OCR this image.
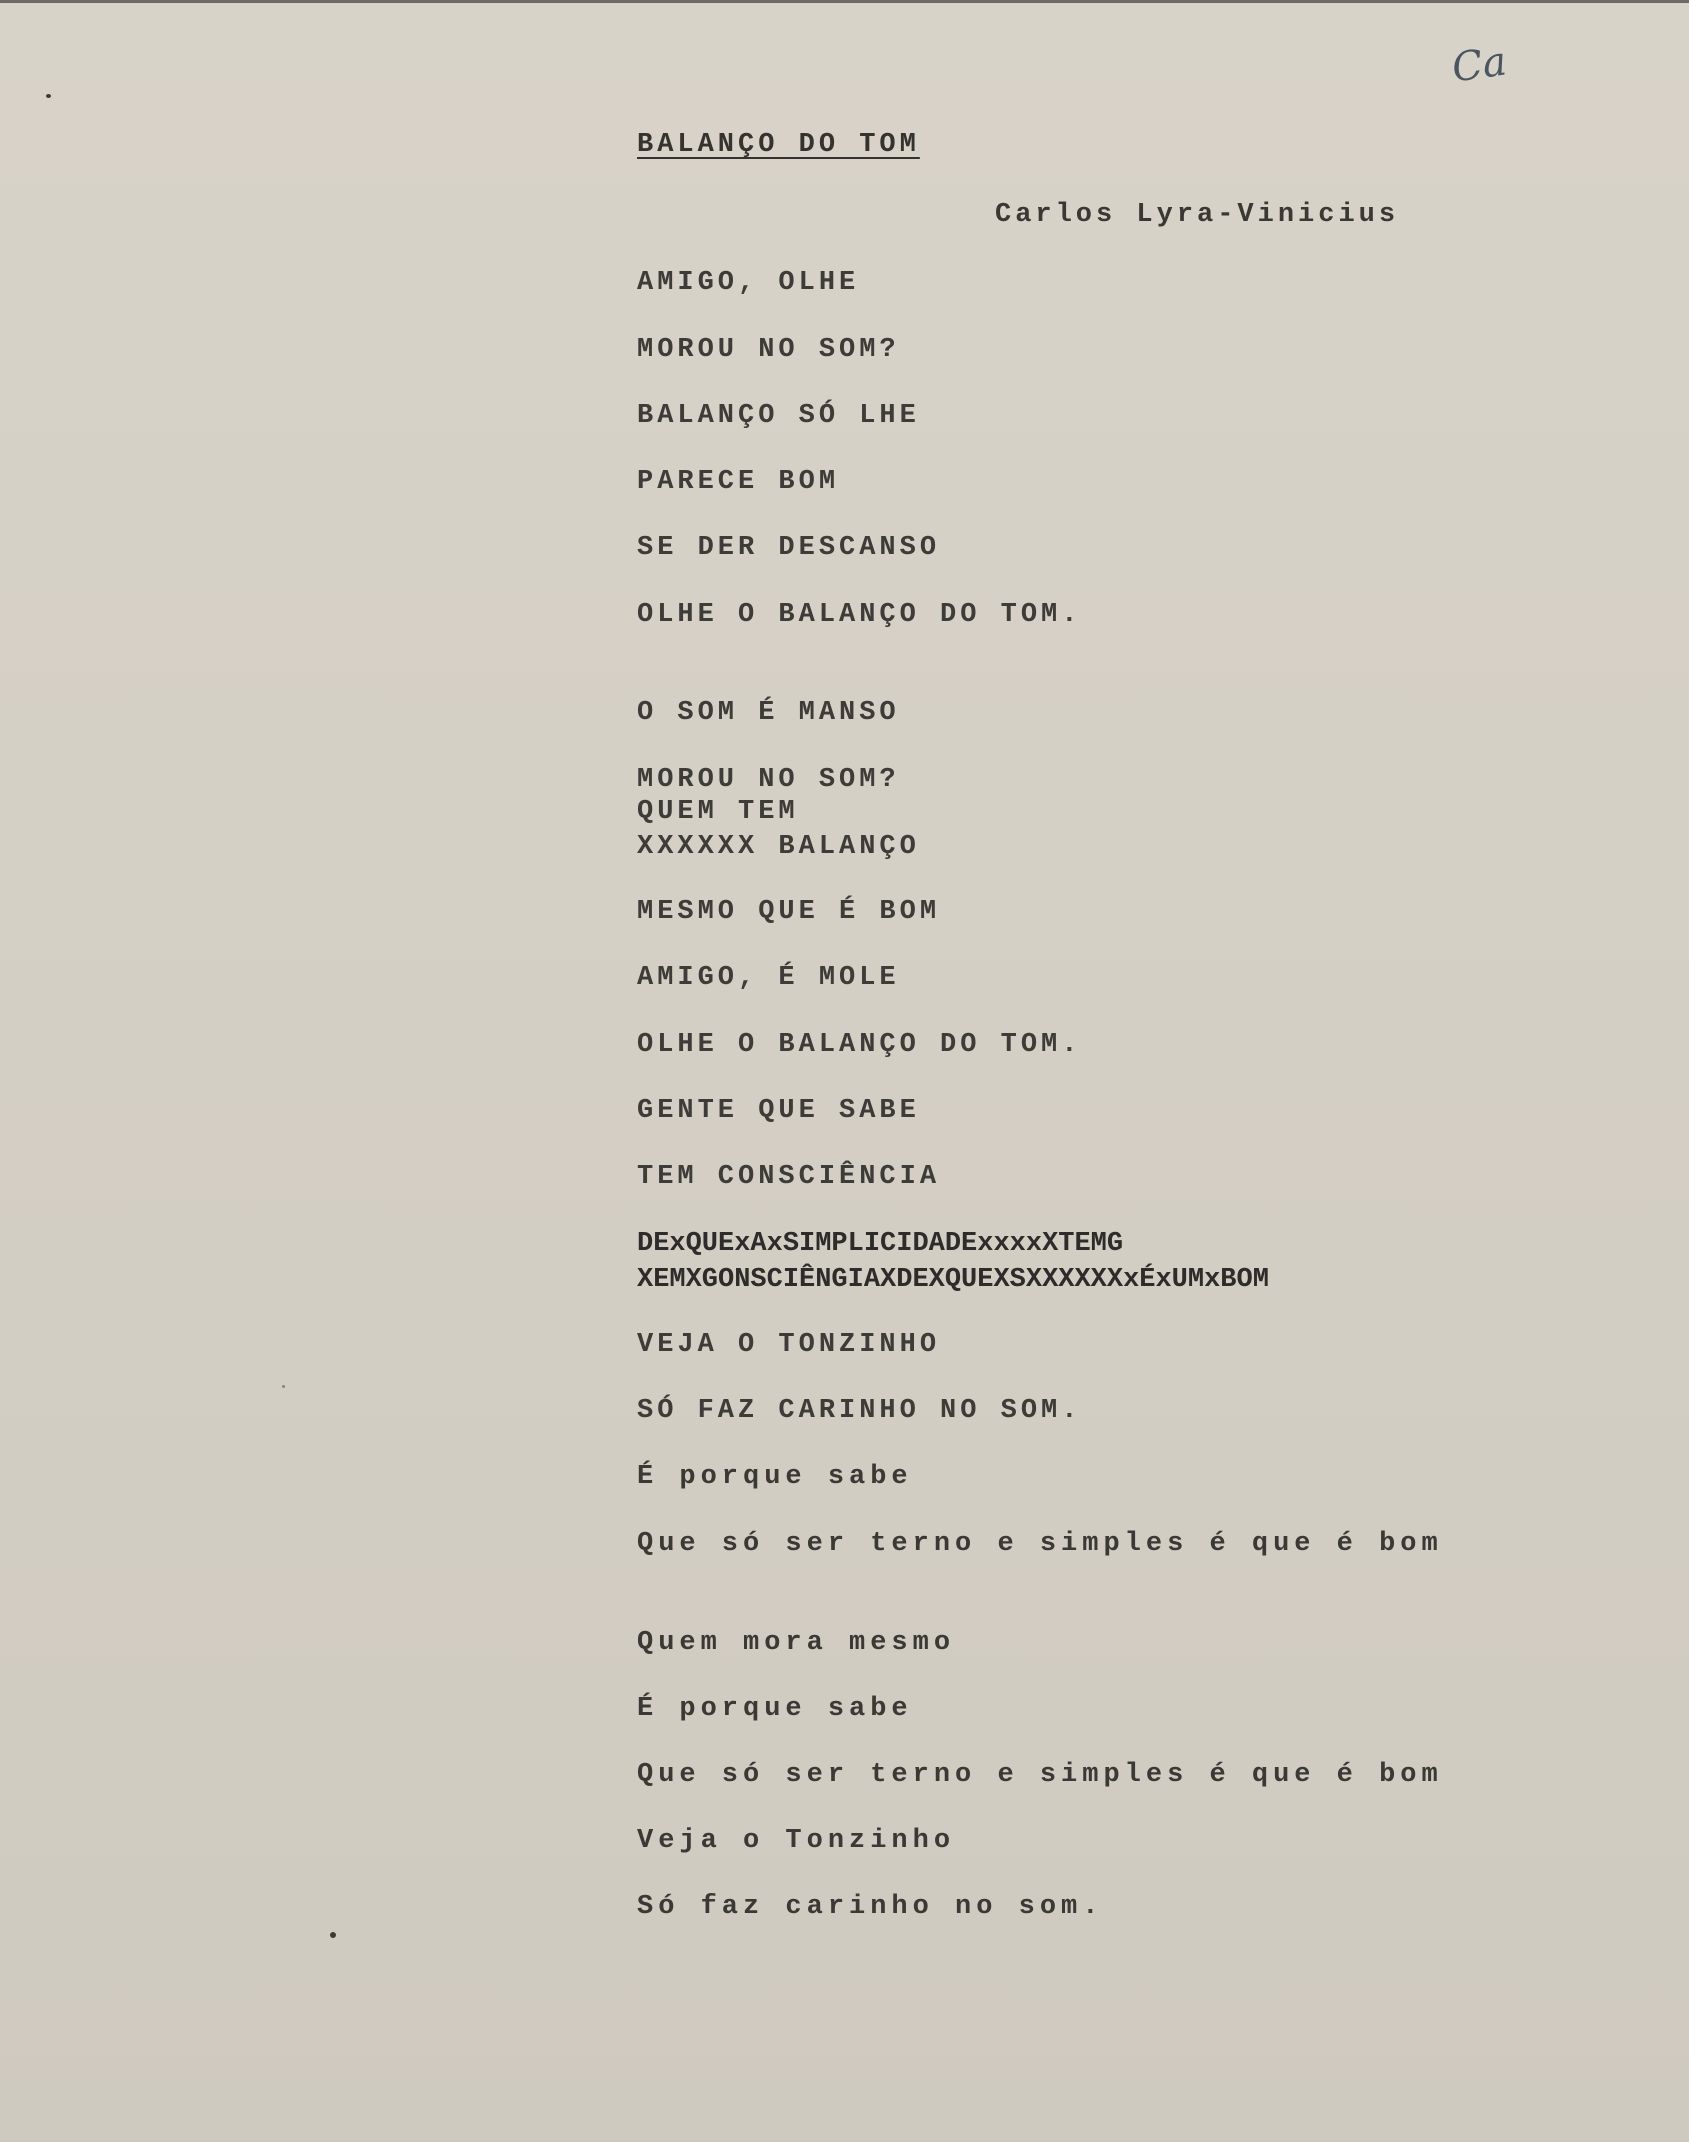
Ca
BALANÇO DO TOM
Carlos Lyra-Vinicius
AMIGO, OLHE
MOROU NO SOM?
BALANÇO SÓ LHE
PARECE BOM
SE DER DESCANSO
OLHE O BALANÇO DO TOM.
O SOM É MANSO
MOROU NO SOM?
QUEM TEM
XXXXXX BALANÇO
MESMO QUE É BOM
AMIGO, É MOLE
OLHE O BALANÇO DO TOM.
GENTE QUE SABE
TEM CONSCIÊNCIA
DExQUExAxSIMPLICIDADExxxxXTEMG
XEMXGONSCIÊNGIAXDEXQUEXSXXXXXXxÉxUMxBOM
VEJA O TONZINHO
SÓ FAZ CARINHO NO SOM.
É porque sabe
Que só ser terno e simples é que é bom
Quem mora mesmo
É porque sabe
Que só ser terno e simples é que é bom
Veja o Tonzinho
Só faz carinho no som.
